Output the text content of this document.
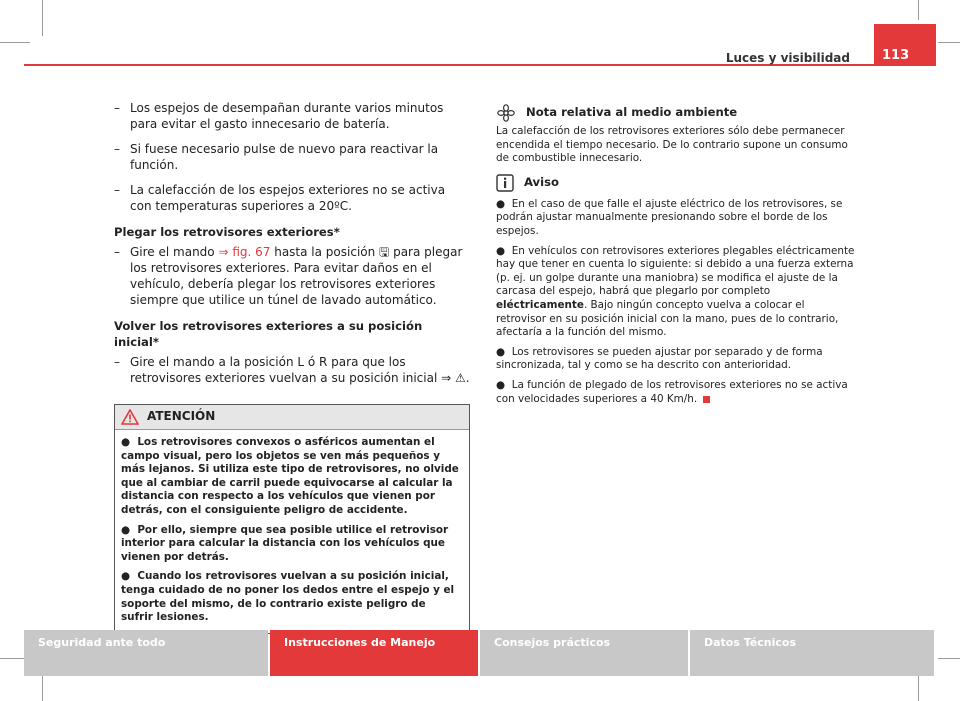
Luces y visibilidad	113
– Los espejos de desempañan durante varios minutos para evitar el gasto innecesario de batería.
– Si fuese necesario pulse de nuevo para reactivar la función.
– La calefacción de los espejos exteriores no se activa con temperaturas superiores a 20ºC.
Plegar los retrovisores exteriores*
– Gire el mando ⇒ fig. 67 hasta la posición 🖫 para plegar los retrovisores exteriores. Para evitar daños en el vehículo, debería plegar los retrovisores exteriores siempre que utilice un túnel de lavado automático.
Volver los retrovisores exteriores a su posición inicial*
– Gire el mando a la posición L ó R para que los retrovisores exteriores vuelvan a su posición inicial ⇒ ⚠.
ATENCIÓN

●  Los retrovisores convexos o asféricos aumentan el campo visual, pero los objetos se ven más pequeños y más lejanos. Si utiliza este tipo de retrovisores, no olvide que al cambiar de carril puede equivocarse al calcular la distancia con respecto a los vehículos que vienen por detrás, con el consiguiente peligro de accidente.

●  Por ello, siempre que sea posible utilice el retrovisor interior para calcular la distancia con los vehículos que vienen por detrás.

●  Cuando los retrovisores vuelvan a su posición inicial, tenga cuidado de no poner los dedos entre el espejo y el soporte del mismo, de lo contrario existe peligro de sufrir lesiones.

Nota relativa al medio ambiente

La calefacción de los retrovisores exteriores sólo debe permanecer encendida el tiempo necesario. De lo contrario supone un consumo de combustible innecesario.

Aviso

●  En el caso de que falle el ajuste eléctrico de los retrovisores, se podrán ajustar manualmente presionando sobre el borde de los espejos.

●  En vehículos con retrovisores exteriores plegables eléctricamente hay que tener en cuenta lo siguiente: si debido a una fuerza externa (p. ej. un golpe durante una maniobra) se modifica el ajuste de la carcasa del espejo, habrá que plegarlo por completo eléctricamente. Bajo ningún concepto vuelva a colocar el retrovisor en su posición inicial con la mano, pues de lo contrario, afectaría a la función del mismo.

●  Los retrovisores se pueden ajustar por separado y de forma sincronizada, tal y como se ha descrito con anterioridad.

●  La función de plegado de los retrovisores exteriores no se activa con velocidades superiores a 40 Km/h.

Seguridad ante todo	Instrucciones de Manejo	Consejos prácticos	Datos Técnicos
